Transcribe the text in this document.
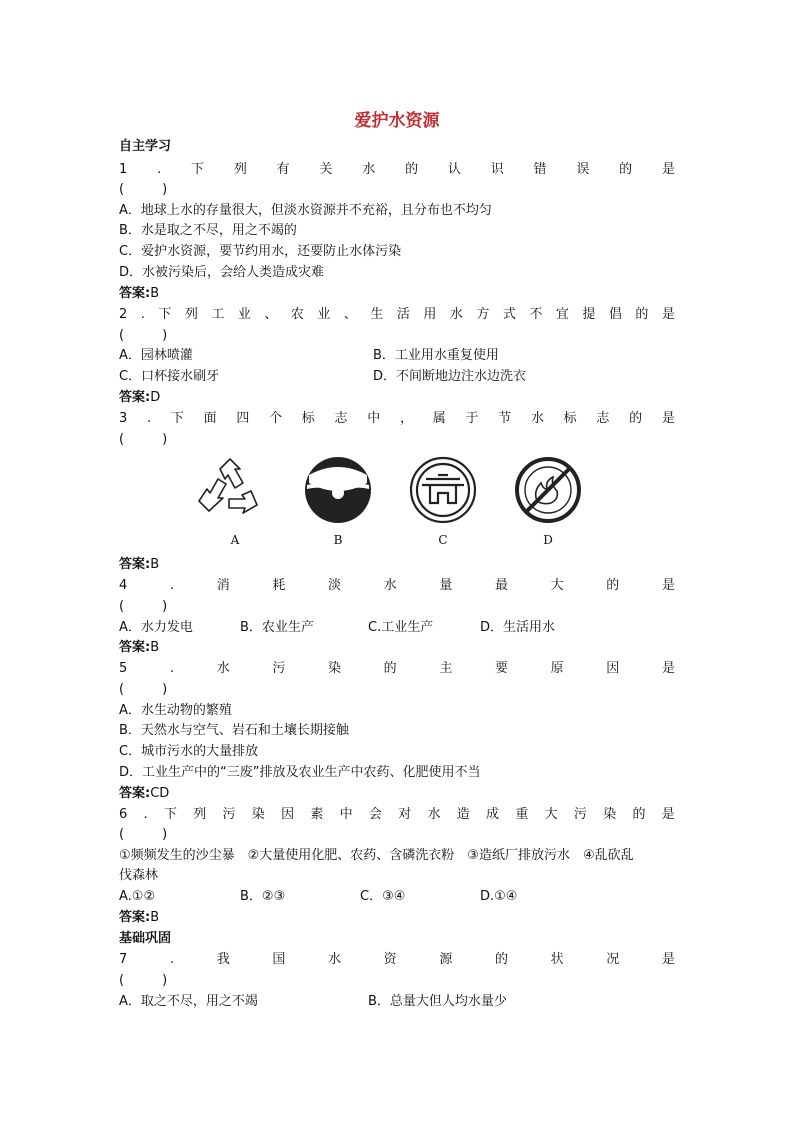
爱护水资源
自主学习
1 . 下 列 有 关 水 的 认 识 错 误 的 是
(　　)
A．地球上水的存量很大，但淡水资源并不充裕，且分布也不均匀
B．水是取之不尽，用之不竭的
C．爱护水资源，要节约用水，还要防止水体污染
D．水被污染后，会给人类造成灾难
答案:B
2 . 下 列 工 业 、 农 业 、 生 活 用 水 方 式 不 宜 提 倡 的 是
(　　)
A．园林喷灌	B．工业用水重复使用
C．口杯接水刷牙	D．不间断地边注水边洗衣
答案:D
3 . 下 面 四 个 标 志 中 ， 属 于 节 水 标 志 的 是
(　　)
A	B	C	D
答案:B
4	.	消	耗	淡	水	量	最	大	的	是
(　　)
A．水力发电	B．农业生产	C.工业生产	D．生活用水
答案:B
5	.	水	污	染	的	主	要	原	因	是
(　　)
A．水生动物的繁殖
B．天然水与空气、岩石和土壤长期接触
C．城市污水的大量排放
D．工业生产中的“三废”排放及农业生产中农药、化肥使用不当
答案:CD
6 . 下 列 污 染 因 素 中 会 对 水 造 成 重 大 污 染 的 是
(　　)
①频频发生的沙尘暴　②大量使用化肥、农药、含磷洗衣粉　③造纸厂排放污水　④乱砍乱
伐森林
A.①②	B．②③	C．③④	D.①④
答案:B
基础巩固
7	.	我	国	水	资	源	的	状	况	是
(　　)
A．取之不尽，用之不竭	B．总量大但人均水量少
